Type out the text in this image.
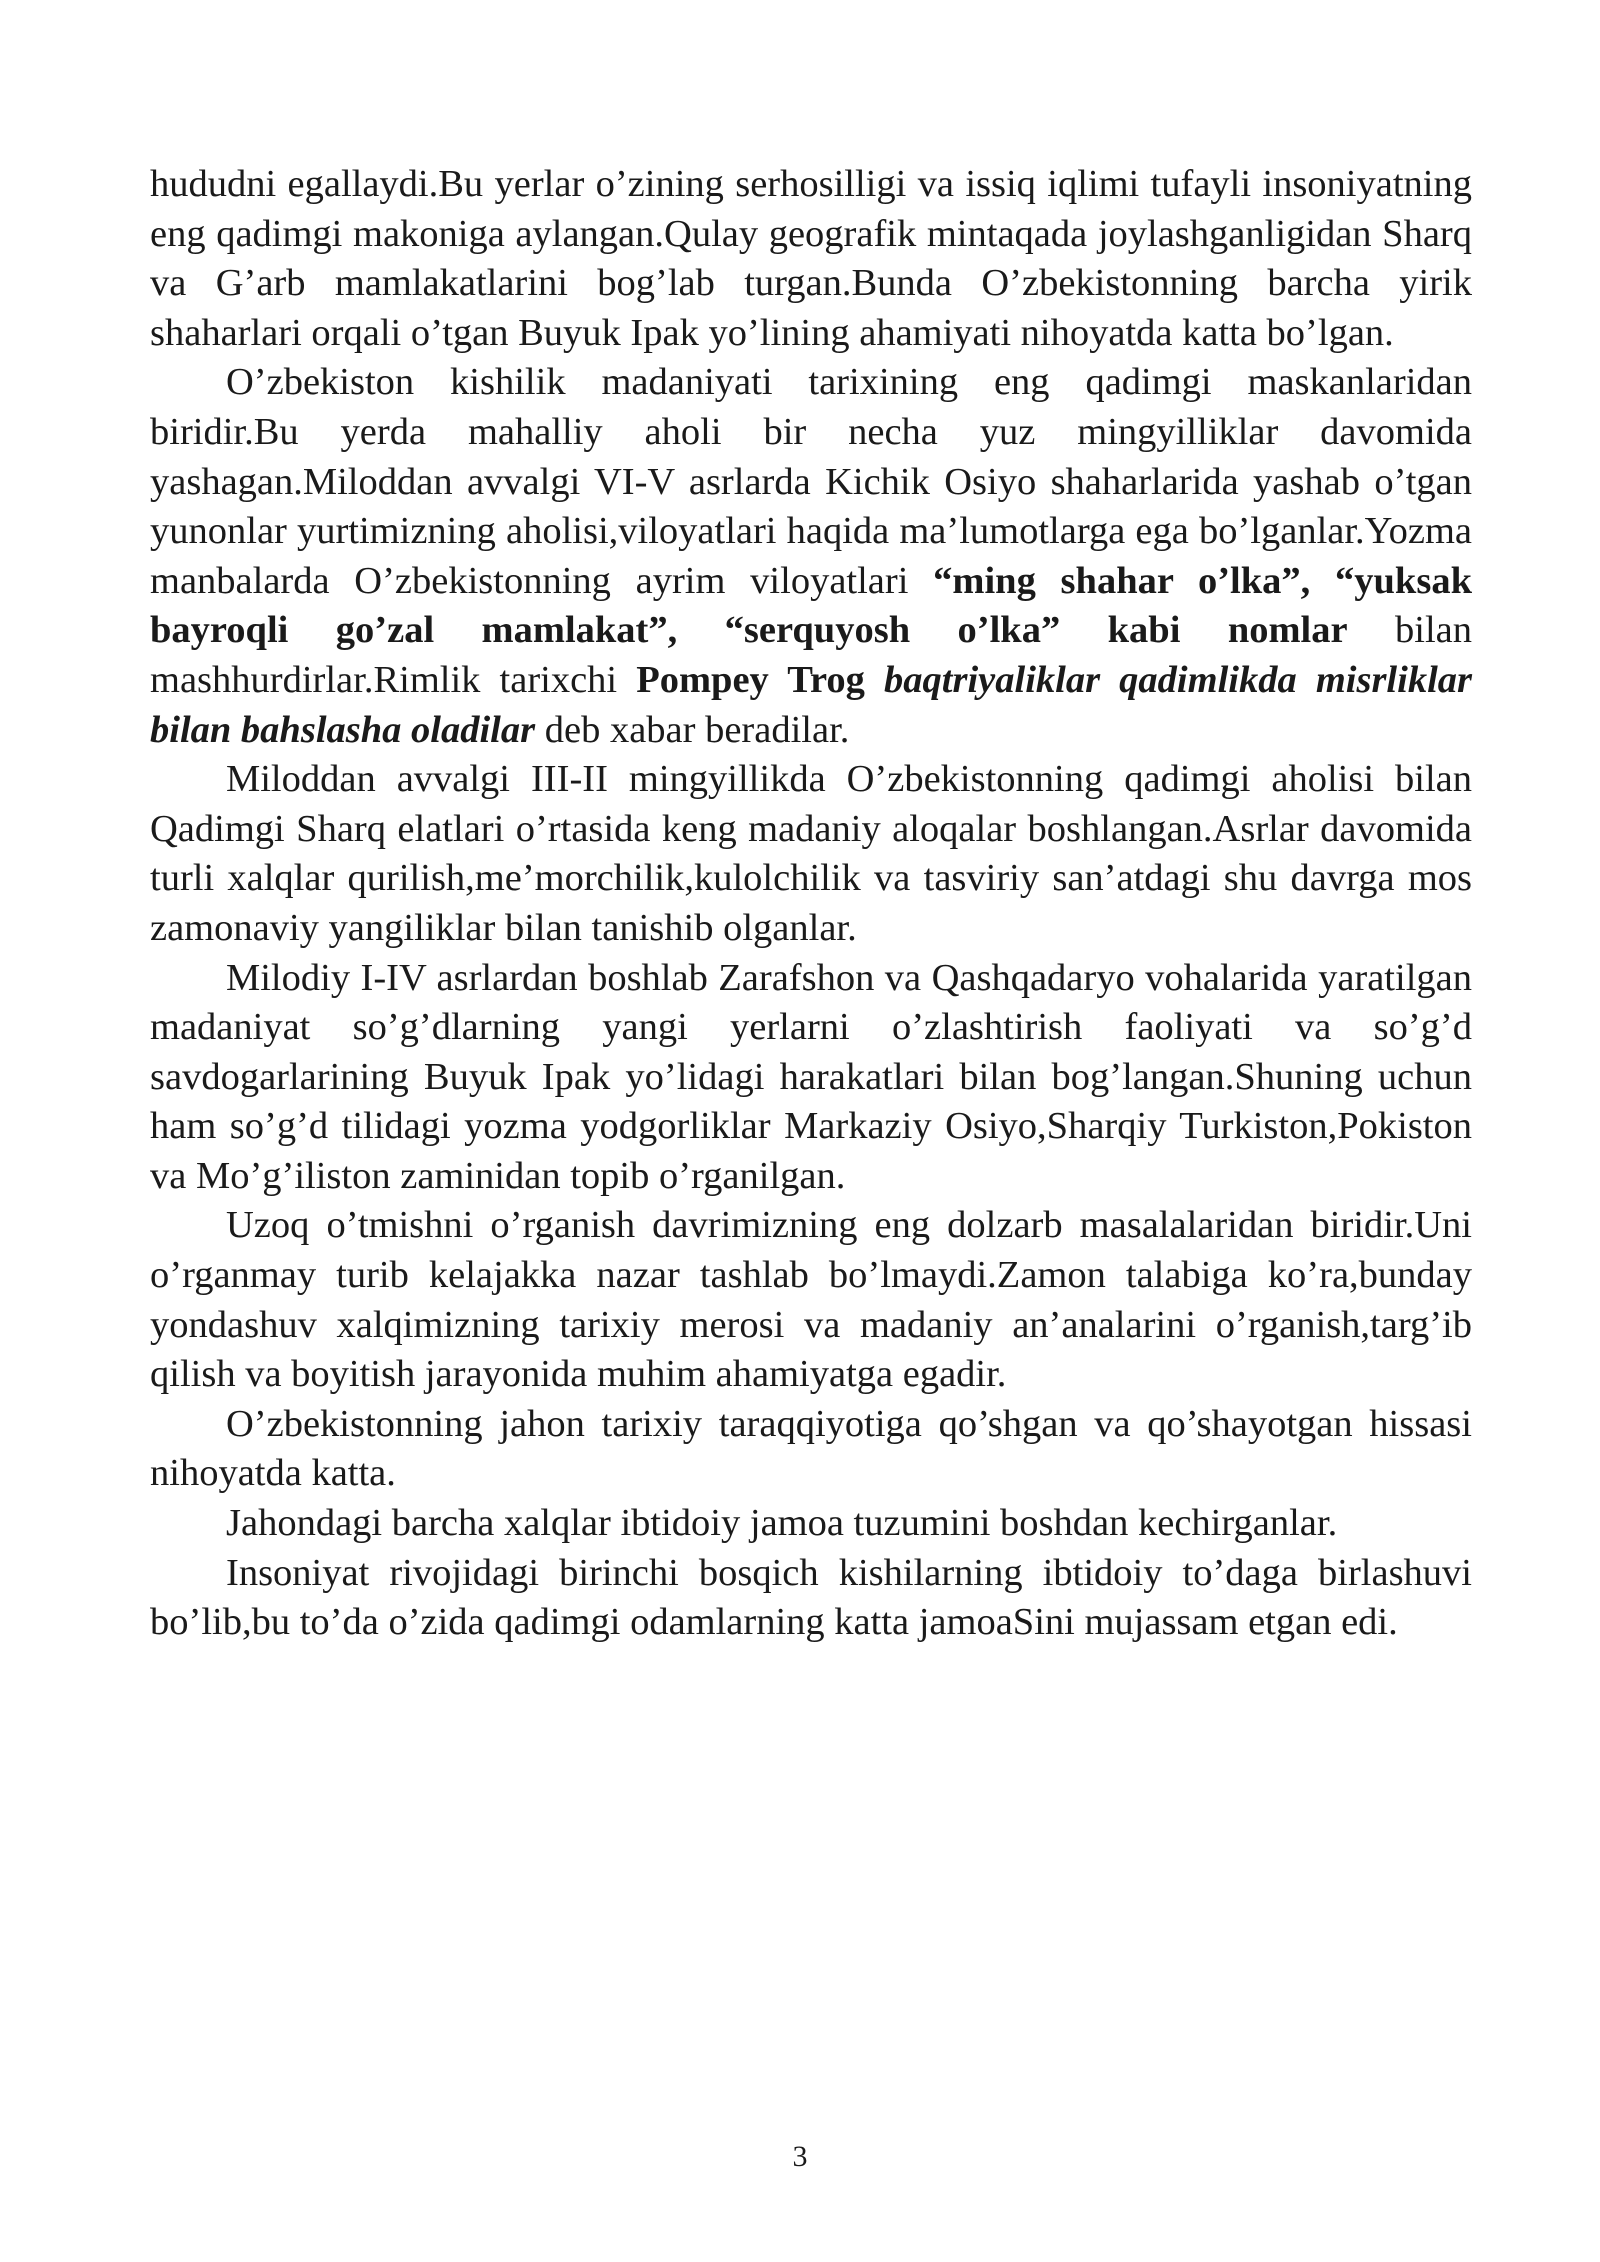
hududni egallaydi.Bu yerlar o’zining serhosilligi va issiq iqlimi tufayli insoniyatning eng qadimgi makoniga aylangan.Qulay geografik mintaqada joylashganligidan Sharq va G’arb mamlakatlarini bog’lab turgan.Bunda O’zbekistonning barcha yirik shaharlari orqali o’tgan Buyuk Ipak yo’lining ahamiyati nihoyatda katta bo’lgan.

O’zbekiston kishilik madaniyati tarixining eng qadimgi maskanlaridan biridir.Bu yerda mahalliy aholi bir necha yuz mingyilliklar davomida yashagan.Miloddan avvalgi VI-V asrlarda Kichik Osiyo shaharlarida yashab o’tgan yunonlar yurtimizning aholisi,viloyatlari haqida ma’lumotlarga ega bo’lganlar.Yozma manbalarda O’zbekistonning ayrim viloyatlari “ming shahar o’lka”, “yuksak bayroqli go’zal mamlakat”, “serquyosh o’lka” kabi nomlar bilan mashhurdirlar.Rimlik tarixchi Pompey Trog baqtriyaliklar qadimlikda misrliklar bilan bahslasha oladilar deb xabar beradilar.

Miloddan avvalgi III-II mingyillikda O’zbekistonning qadimgi aholisi bilan Qadimgi Sharq elatlari o’rtasida keng madaniy aloqalar boshlangan.Asrlar davomida turli xalqlar qurilish,me’morchilik,kulolchilik va tasviriy san’atdagi shu davrga mos zamonaviy yangiliklar bilan tanishib olganlar.

Milodiy I-IV asrlardan boshlab Zarafshon va Qashqadaryo vohalarida yaratilgan madaniyat so’g’dlarning yangi yerlarni o’zlashtirish faoliyati va so’g’d savdogarlarining Buyuk Ipak yo’lidagi harakatlari bilan bog’langan.Shuning uchun ham so’g’d tilidagi yozma yodgorliklar Markaziy Osiyo,Sharqiy Turkiston,Pokiston va Mo’g’iliston zaminidan topib o’rganilgan.

Uzoq o’tmishni o’rganish davrimizning eng dolzarb masalalaridan biridir.Uni o’rganmay turib kelajakka nazar tashlab bo’lmaydi.Zamon talabiga ko’ra,bunday yondashuv xalqimizning tarixiy merosi va madaniy an’analarini o’rganish,targ’ib qilish va boyitish jarayonida muhim ahamiyatga egadir.

O’zbekistonning jahon tarixiy taraqqiyotiga qo’shgan va qo’shayotgan hissasi nihoyatda katta.

Jahondagi barcha xalqlar ibtidoiy jamoa tuzumini boshdan kechirganlar.

Insoniyat rivojidagi birinchi bosqich kishilarning ibtidoiy to’daga birlashuvi bo’lib,bu to’da o’zida qadimgi odamlarning katta jamoaSini mujassam etgan edi.

3
